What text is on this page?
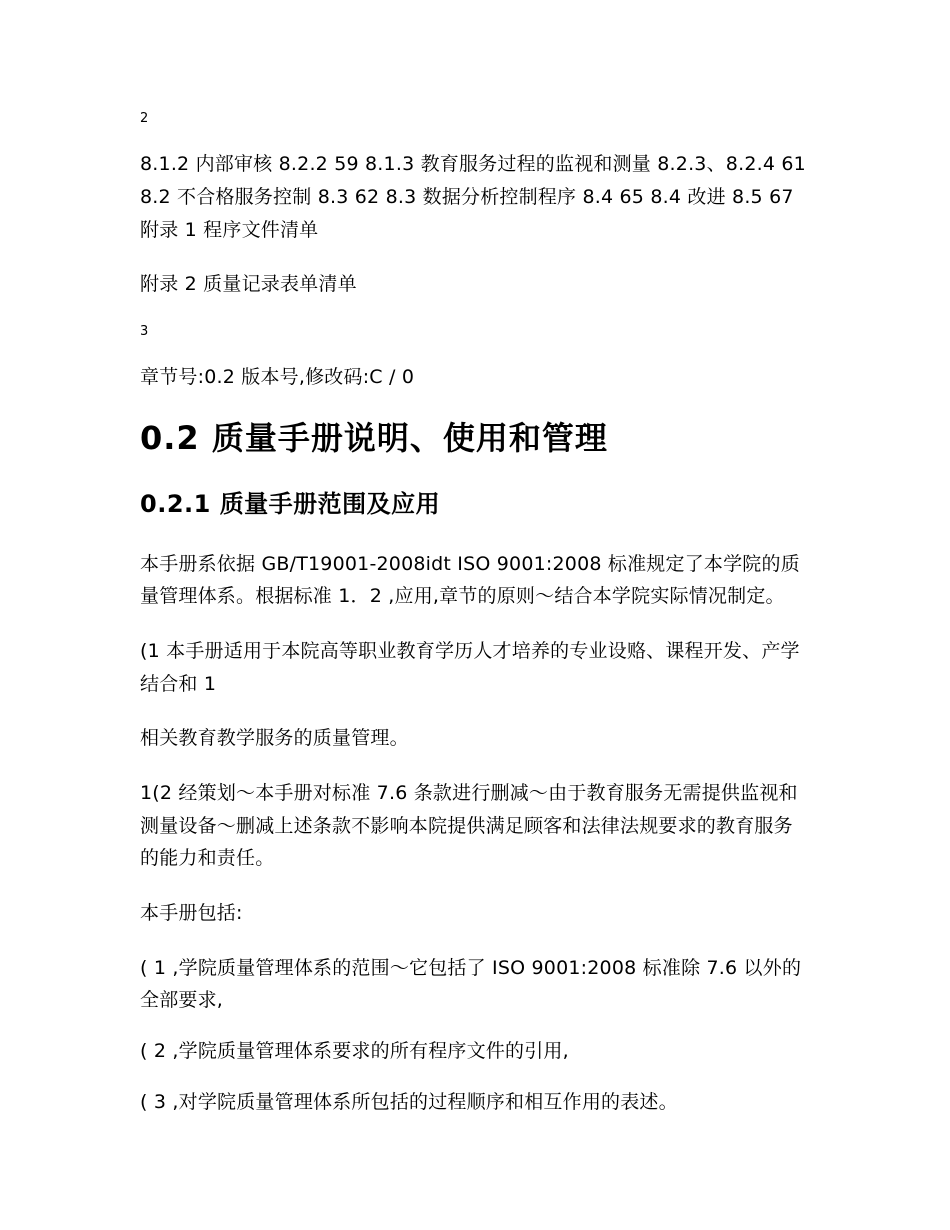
2
8.1.2 内部审核 8.2.2 59 8.1.3 教育服务过程的监视和测量 8.2.3、8.2.4 61 8.2 不合格服务控制 8.3 62 8.3 数据分析控制程序 8.4 65 8.4 改进 8.5 67 附录 1 程序文件清单
附录 2 质量记录表单清单
3
章节号:0.2 版本号,修改码:C / 0
0.2 质量手册说明、使用和管理
0.2.1 质量手册范围及应用
本手册系依据 GB/T19001-2008idt ISO 9001:2008 标准规定了本学院的质量管理体系。根据标准 1．2 ,应用,章节的原则～结合本学院实际情况制定。
(1 本手册适用于本院高等职业教育学历人才培养的专业设赂、课程开发、产学结合和 1
相关教育教学服务的质量管理。
1(2 经策划～本手册对标准 7.6 条款进行删减～由于教育服务无需提供监视和测量设备～删减上述条款不影响本院提供满足顾客和法律法规要求的教育服务的能力和责任。
本手册包括:
( 1 ,学院质量管理体系的范围～它包括了 ISO 9001:2008 标准除 7.6 以外的全部要求,
( 2 ,学院质量管理体系要求的所有程序文件的引用,
( 3 ,对学院质量管理体系所包括的过程顺序和相互作用的表述。
